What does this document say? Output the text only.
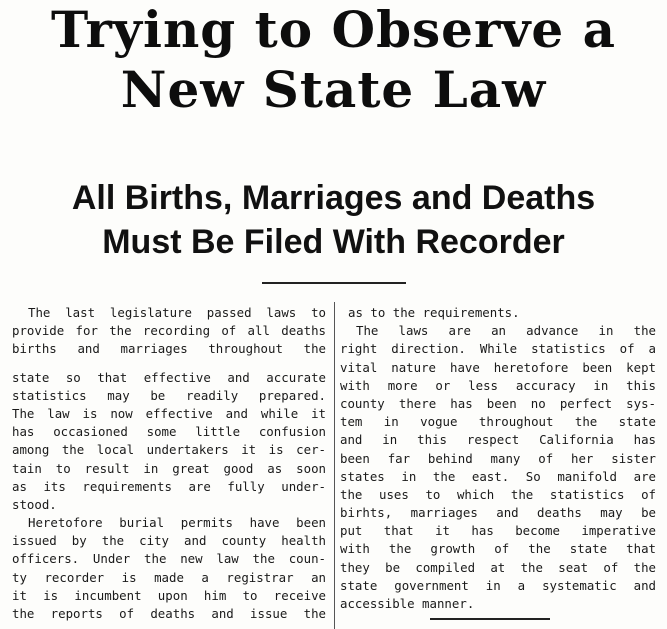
Trying to Observe a
New State Law
All Births, Marriages and Deaths
Must Be Filed With Recorder
The last legislature passed laws to
provide for the recording of all deaths
births and marriages throughout the
state so that effective and accurate
statistics may be readily prepared.
The law is now effective and while it
has occasioned some little confusion
among the local undertakers it is cer-
tain to result in great good as soon
as its requirements are fully under-
stood.
Heretofore burial permits have been
issued by the city and county health
officers. Under the new law the coun-
ty recorder is made a registrar an
it is incumbent upon him to receive
the reports of deaths and issue the
as to the requirements.
The laws are an advance in the
right direction. While statistics of a
vital nature have heretofore been kept
with more or less accuracy in this
county there has been no perfect sys-
tem in vogue throughout the state
and in this respect California has
been far behind many of her sister
states in the east. So manifold are
the uses to which the statistics of
birhts, marriages and deaths may be
put that it has become imperative
with the growth of the state that
they be compiled at the seat of the
state government in a systematic and
accessible manner.
